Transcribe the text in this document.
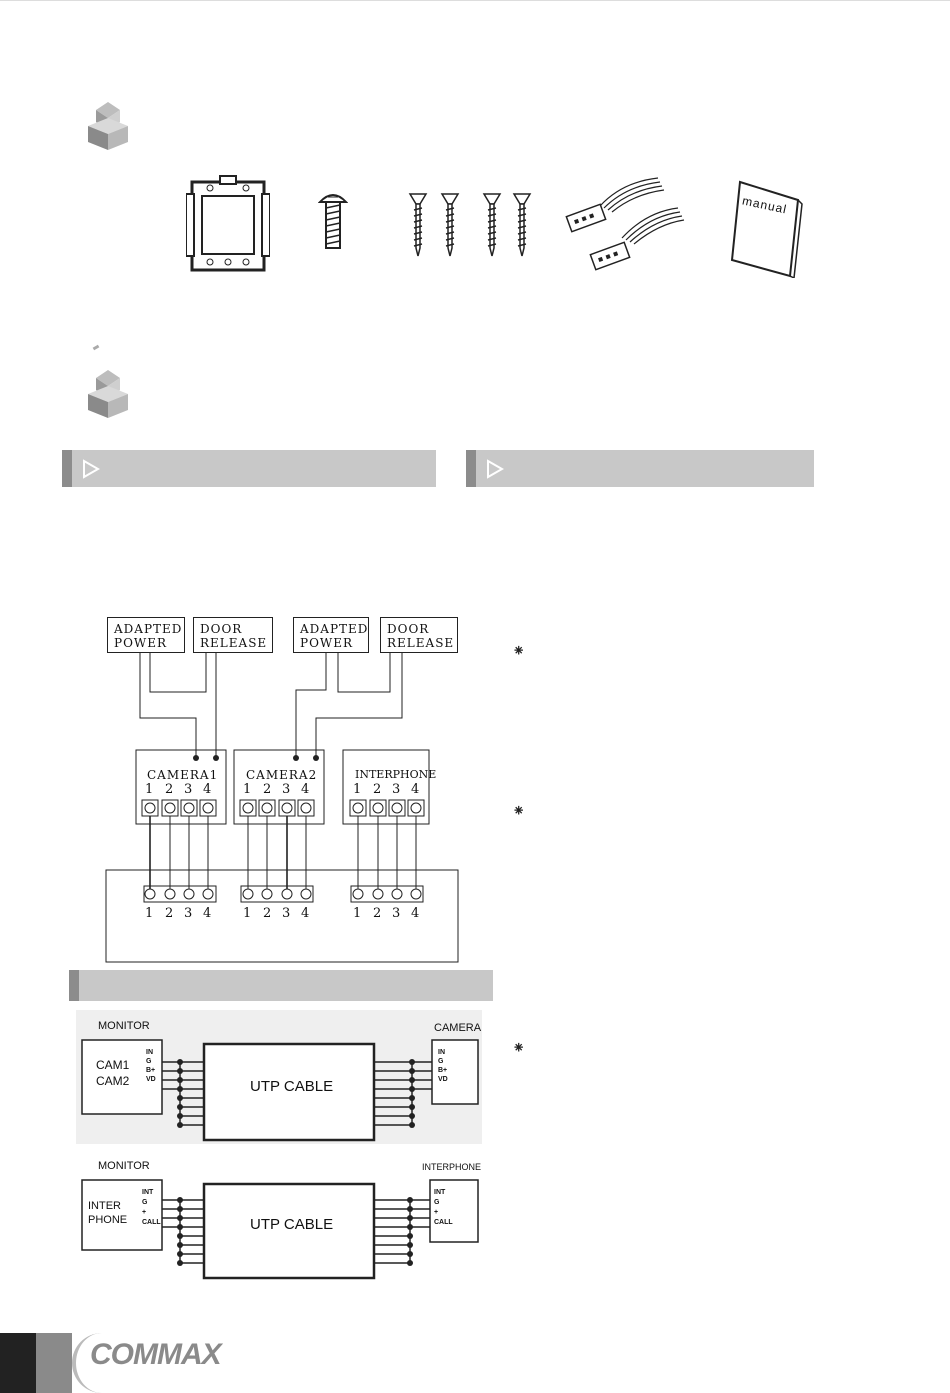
manual
ADAPTED
POWER
DOOR
RELEASE
ADAPTED
POWER
DOOR
RELEASE
CAMERA1 CAMERA2	INTERPHONE
1 2 3 4 1 2 3 4	1 2 3 4
1 2 3 4 1 2 3 4	1 2 3 4
⁕
⁕
⁕
MONITOR	CAMERA
CAM1
CAM2
IN
G
B+
VD
IN
G
B+
VD
UTP CABLE
MONITOR	INTERPHONE
INTER
PHONE
INT
G
+
CALL
INT
G
+
CALL
UTP CABLE
COMMAX
